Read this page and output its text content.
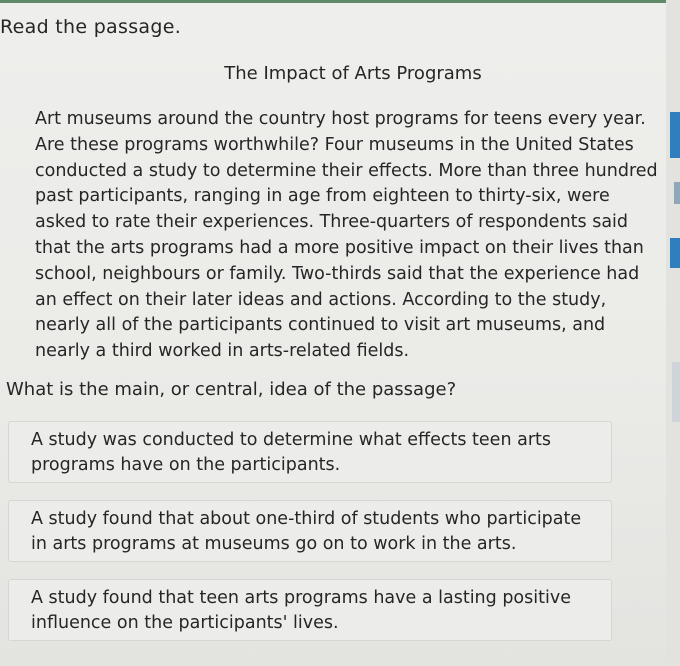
Read the passage.
The Impact of Arts Programs

Art museums around the country host programs for teens every year. Are these programs worthwhile? Four museums in the United States conducted a study to determine their effects. More than three hundred past participants, ranging in age from eighteen to thirty-six, were asked to rate their experiences. Three-quarters of respondents said that the arts programs had a more positive impact on their lives than school, neighbours or family. Two-thirds said that the experience had an effect on their later ideas and actions. According to the study, nearly all of the participants continued to visit art museums, and nearly a third worked in arts-related fields.

What is the main, or central, idea of the passage?
A study was conducted to determine what effects teen arts programs have on the participants.
A study found that about one-third of students who participate in arts programs at museums go on to work in the arts.
A study found that teen arts programs have a lasting positive influence on the participants' lives.
